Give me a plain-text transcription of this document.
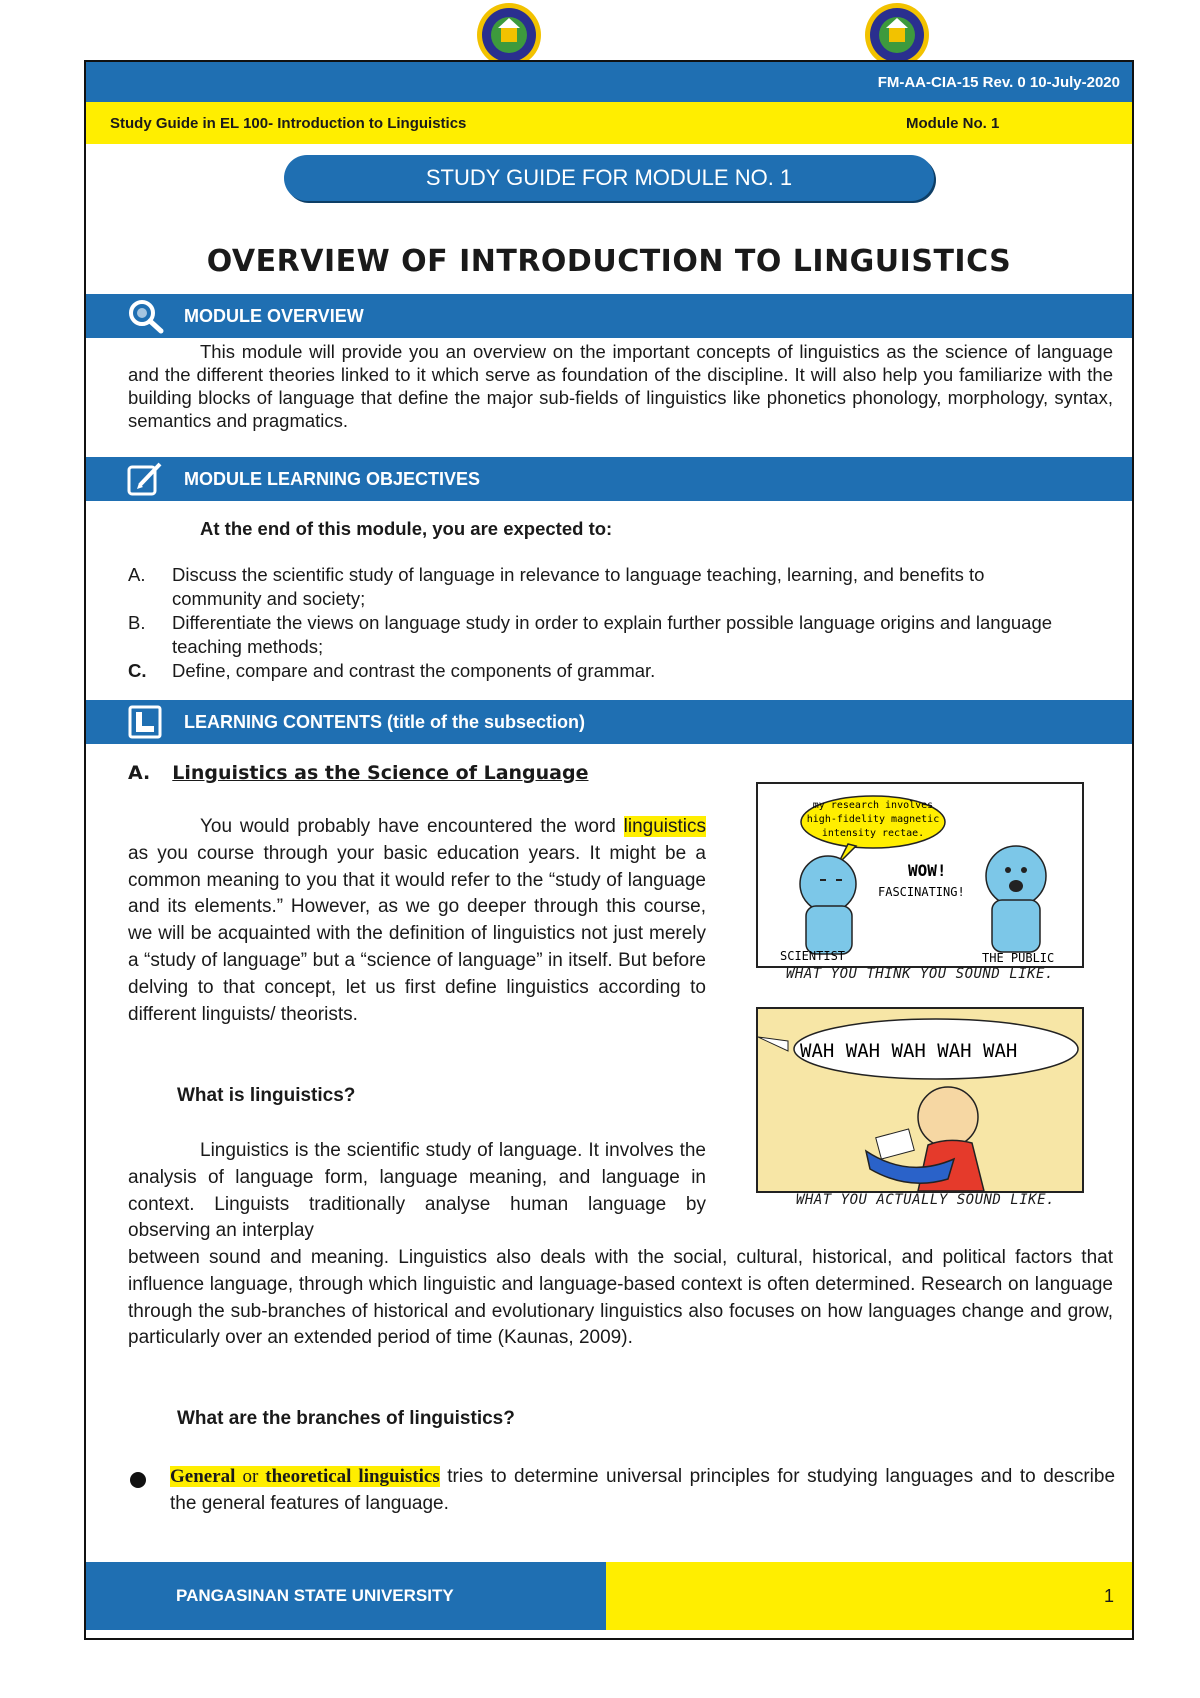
FM-AA-CIA-15 Rev. 0 10-July-2020
Study Guide in EL 100- Introduction to Linguistics	Module No. 1
STUDY GUIDE FOR MODULE NO. 1
OVERVIEW OF INTRODUCTION TO LINGUISTICS
MODULE OVERVIEW

This module will provide you an overview on the important concepts of linguistics as the science of language and the different theories linked to it which serve as foundation of the discipline. It will also help you familiarize with the building blocks of language that define the major sub-fields of linguistics like phonetics phonology, morphology, syntax, semantics and pragmatics.

MODULE LEARNING OBJECTIVES
At the end of this module, you are expected to:
A. Discuss the scientific study of language in relevance to language teaching, learning, and benefits to community and society;
B. Differentiate the views on language study in order to explain further possible language origins and language teaching methods;
C. Define, compare and contrast the components of grammar.
LEARNING CONTENTS (title of the subsection)
A. Linguistics as the Science of Language

You would probably have encountered the word linguistics as you course through your basic education years. It might be a common meaning to you that it would refer to the “study of language and its elements.” However, as we go deeper through this course, we will be acquainted with the definition of linguistics not just merely a “study of language” but a “science of language” in itself. But before delving to that concept, let us first define linguistics according to different linguists/ theorists.

What is linguistics?

Linguistics is the scientific study of language. It involves the analysis of language form, language meaning, and language in context. Linguists traditionally analyse human language by observing an interplay

between sound and meaning. Linguistics also deals with the social, cultural, historical, and political factors that influence language, through which linguistic and language-based context is often determined. Research on language through the sub-branches of historical and evolutionary linguistics also focuses on how languages change and grow, particularly over an extended period of time (Kaunas, 2009).

What are the branches of linguistics?

General or theoretical linguistics tries to determine universal principles for studying languages and to describe the general features of language.

my research involves
high-fidelity magnetic
intensity rectae.
WOW!
FASCINATING!
SCIENTIST	THE PUBLIC
WHAT YOU THINK YOU SOUND LIKE.
WAH WAH WAH WAH WAH
WHAT YOU ACTUALLY SOUND LIKE.
PANGASINAN STATE UNIVERSITY	1
